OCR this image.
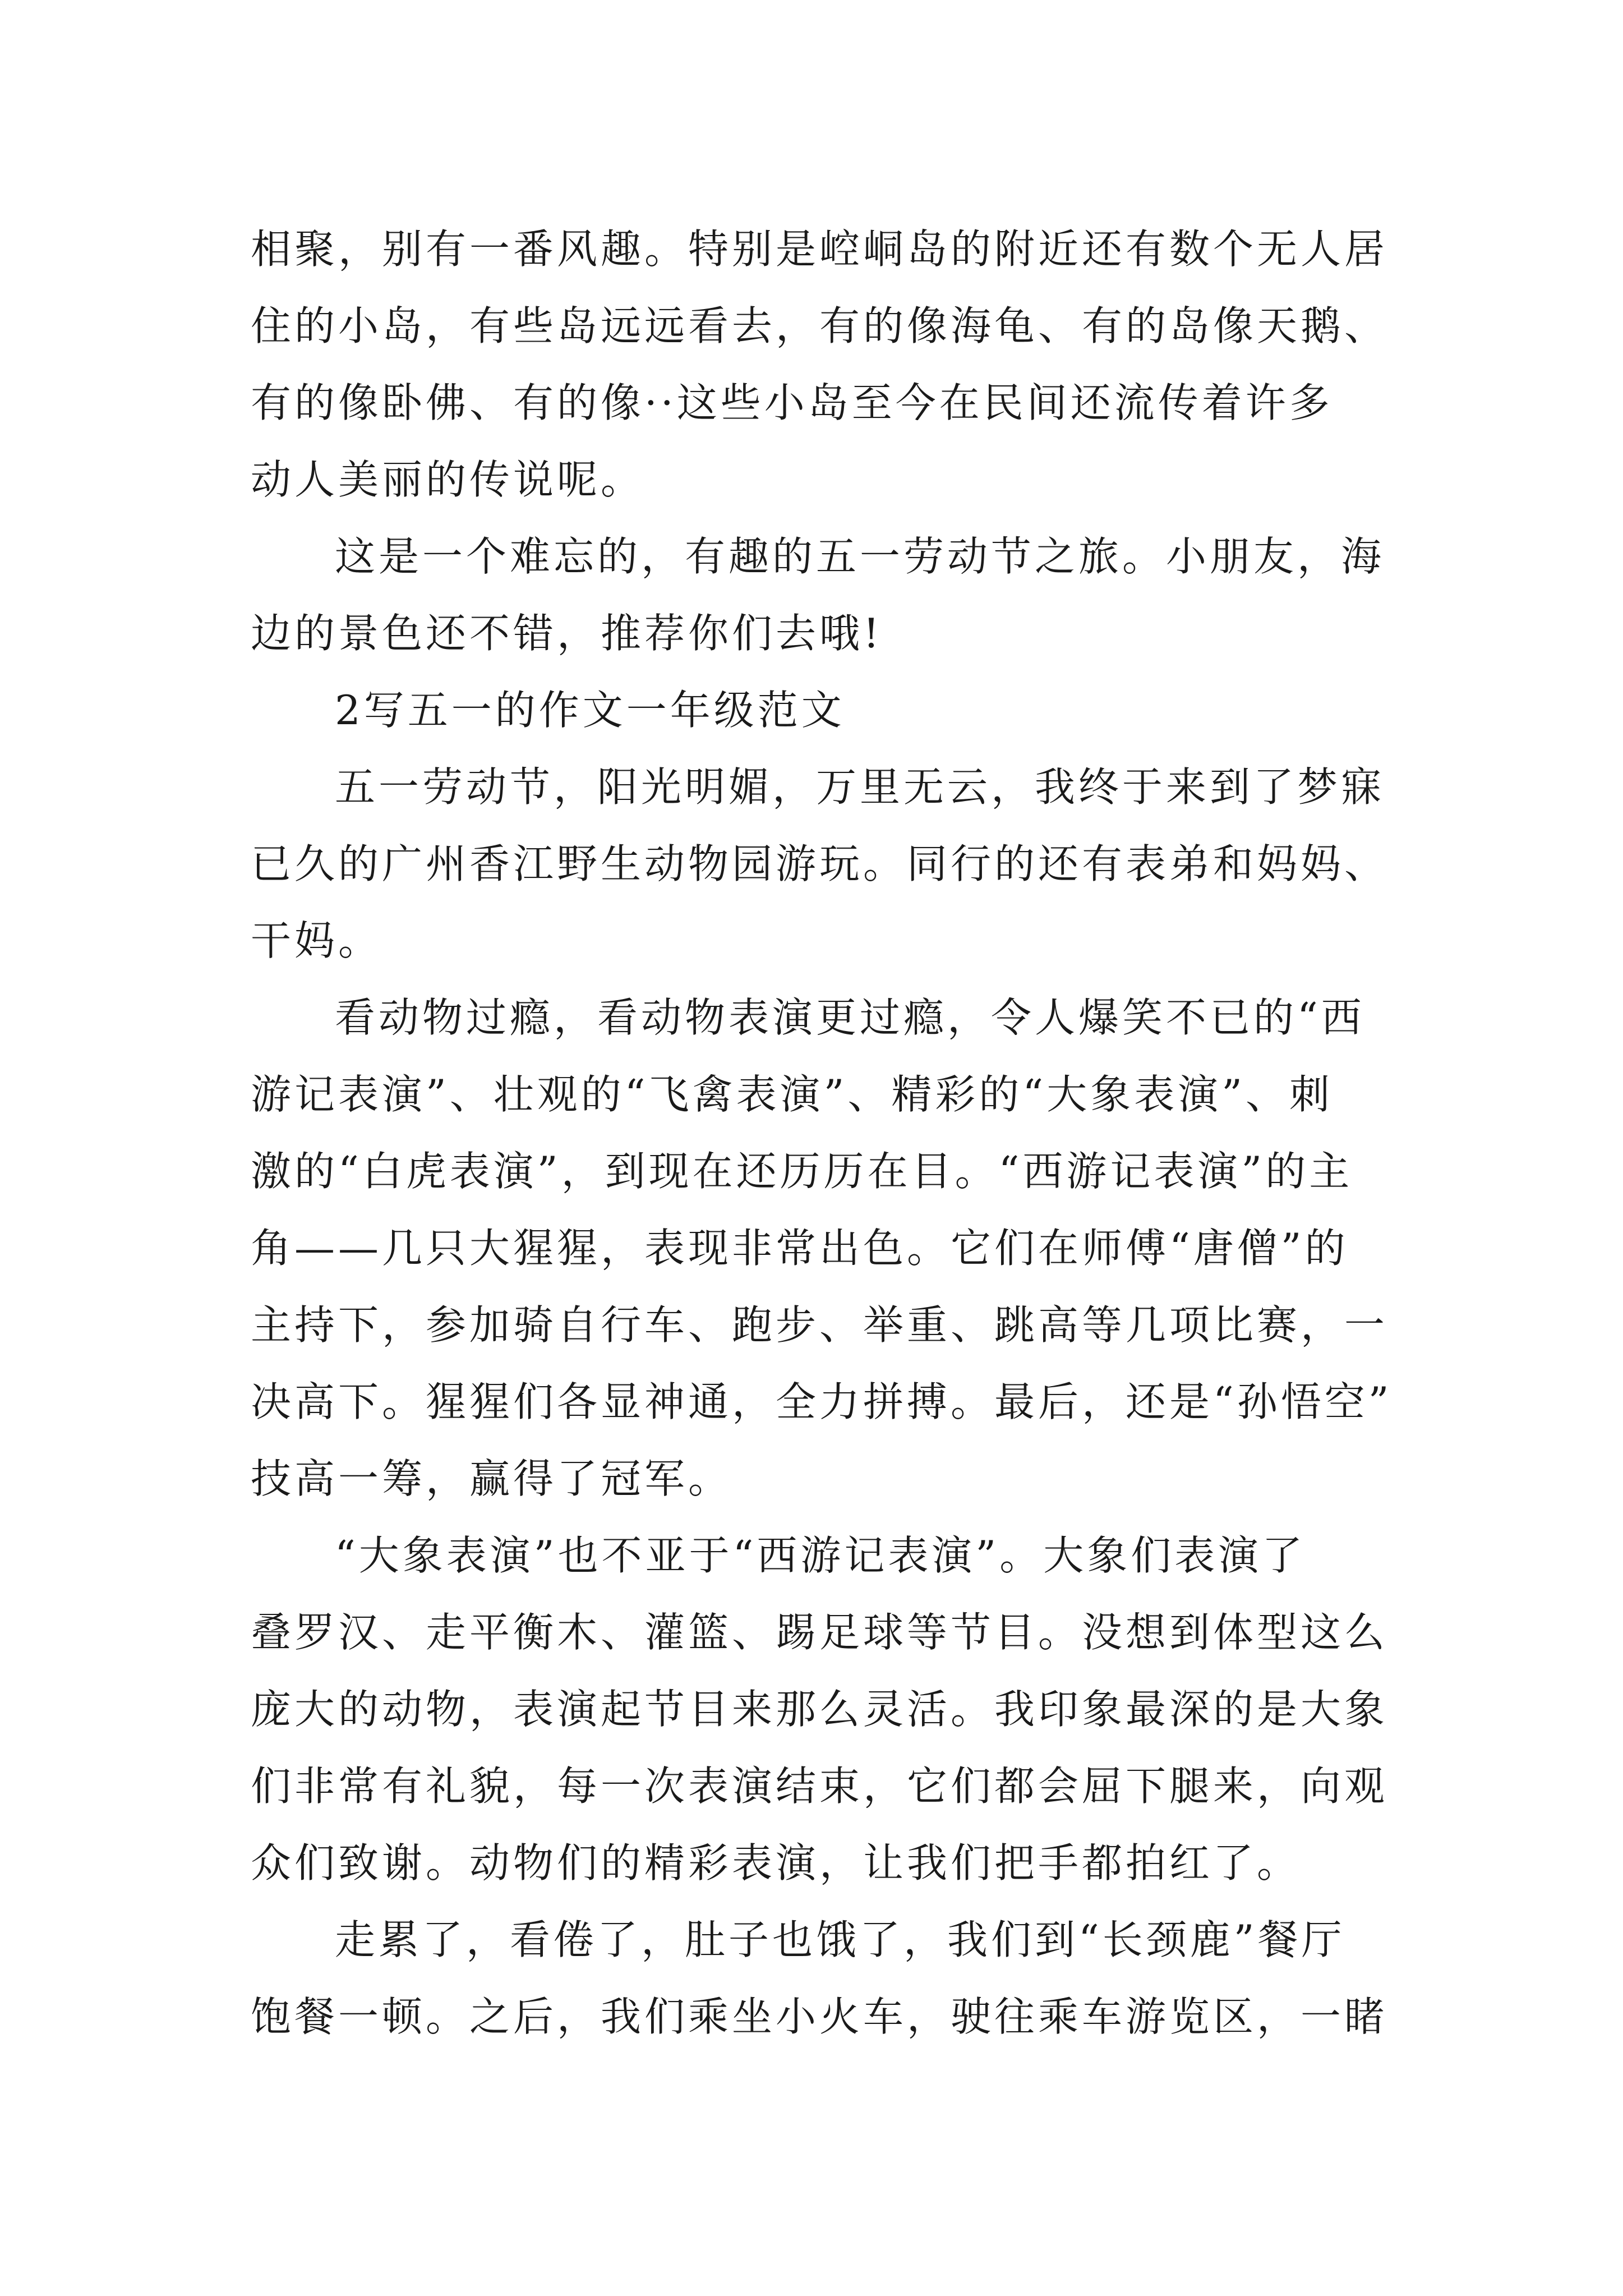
相聚，别有一番风趣。特别是崆峒岛的附近还有数个无人居
住的小岛，有些岛远远看去，有的像海龟、有的岛像天鹅、
有的像卧佛、有的像··这些小岛至今在民间还流传着许多
动人美丽的传说呢。
这是一个难忘的，有趣的五一劳动节之旅。小朋友，海
边的景色还不错，推荐你们去哦!
2写五一的作文一年级范文
五一劳动节，阳光明媚，万里无云，我终于来到了梦寐
已久的广州香江野生动物园游玩。同行的还有表弟和妈妈、
干妈。
看动物过瘾，看动物表演更过瘾，令人爆笑不已的“西
游记表演”、壮观的“飞禽表演”、精彩的“大象表演”、刺
激的“白虎表演”，到现在还历历在目。“西游记表演”的主
角——几只大猩猩，表现非常出色。它们在师傅“唐僧”的
主持下，参加骑自行车、跑步、举重、跳高等几项比赛，一
决高下。猩猩们各显神通，全力拼搏。最后，还是“孙悟空”
技高一筹，赢得了冠军。
“大象表演”也不亚于“西游记表演”。大象们表演了
叠罗汉、走平衡木、灌篮、踢足球等节目。没想到体型这么
庞大的动物，表演起节目来那么灵活。我印象最深的是大象
们非常有礼貌，每一次表演结束，它们都会屈下腿来，向观
众们致谢。动物们的精彩表演，让我们把手都拍红了。
走累了，看倦了，肚子也饿了，我们到“长颈鹿”餐厅
饱餐一顿。之后，我们乘坐小火车，驶往乘车游览区，一睹
